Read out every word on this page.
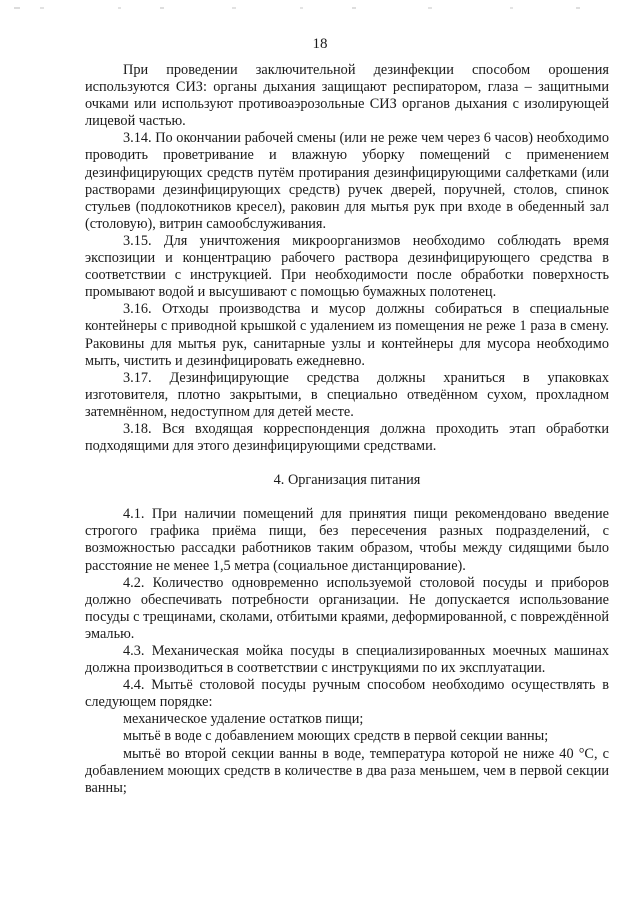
18

При проведении заключительной дезинфекции способом орошения используются СИЗ: органы дыхания защищают респиратором, глаза – защитными очками или используют противоаэрозольные СИЗ органов дыхания с изолирующей лицевой частью.

3.14. По окончании рабочей смены (или не реже чем через 6 часов) необходимо проводить проветривание и влажную уборку помещений с применением дезинфицирующих средств путём протирания дезинфицирующими салфетками (или растворами дезинфицирующих средств) ручек дверей, поручней, столов, спинок стульев (подлокотников кресел), раковин для мытья рук при входе в обеденный зал (столовую), витрин самообслуживания.

3.15. Для уничтожения микроорганизмов необходимо соблюдать время экспозиции и концентрацию рабочего раствора дезинфицирующего средства в соответствии с инструкцией. При необходимости после обработки поверхность промывают водой и высушивают с помощью бумажных полотенец.

3.16. Отходы производства и мусор должны собираться в специальные контейнеры с приводной крышкой с удалением из помещения не реже 1 раза в смену. Раковины для мытья рук, санитарные узлы и контейнеры для мусора необходимо мыть, чистить и дезинфицировать ежедневно.

3.17. Дезинфицирующие средства должны храниться в упаковках изготовителя, плотно закрытыми, в специально отведённом сухом, прохладном затемнённом, недоступном для детей месте.

3.18. Вся входящая корреспонденция должна проходить этап обработки подходящими для этого дезинфицирующими средствами.

4. Организация питания

4.1. При наличии помещений для принятия пищи рекомендовано введение строгого графика приёма пищи, без пересечения разных подразделений, с возможностью рассадки работников таким образом, чтобы между сидящими было расстояние не менее 1,5 метра (социальное дистанцирование).

4.2. Количество одновременно используемой столовой посуды и приборов должно обеспечивать потребности организации. Не допускается использование посуды с трещинами, сколами, отбитыми краями, деформированной, с повреждённой эмалью.

4.3. Механическая мойка посуды в специализированных моечных машинах должна производиться в соответствии с инструкциями по их эксплуатации.

4.4. Мытьё столовой посуды ручным способом необходимо осуществлять в следующем порядке:

механическое удаление остатков пищи;

мытьё в воде с добавлением моющих средств в первой секции ванны;

мытьё во второй секции ванны в воде, температура которой не ниже 40 °С, с добавлением моющих средств в количестве в два раза меньшем, чем в первой секции ванны;
